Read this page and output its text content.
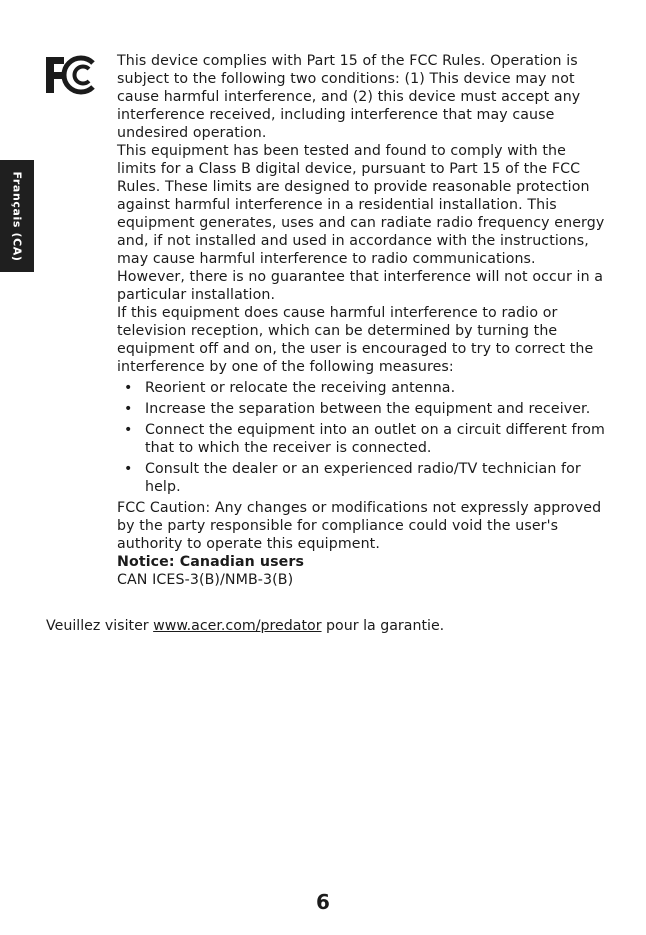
Français (CA)

This device complies with Part 15 of the FCC Rules. Operation is subject to the following two conditions: (1) This device may not cause harmful interference, and (2) this device must accept any interference received, including interference that may cause undesired operation.

This equipment has been tested and found to comply with the limits for a Class B digital device, pursuant to Part 15 of the FCC Rules. These limits are designed to provide reasonable protection against harmful interference in a residential installation. This equipment generates, uses and can radiate radio frequency energy and, if not installed and used in accordance with the instructions, may cause harmful interference to radio communications.

However, there is no guarantee that interference will not occur in a particular installation.

If this equipment does cause harmful interference to radio or television reception, which can be determined by turning the equipment off and on, the user is encouraged to try to correct the interference by one of the following measures:

• Reorient or relocate the receiving antenna.
• Increase the separation between the equipment and receiver.
• Connect the equipment into an outlet on a circuit different from that to which the receiver is connected.
• Consult the dealer or an experienced radio/TV technician for help.

FCC Caution: Any changes or modifications not expressly approved by the party responsible for compliance could void the user's authority to operate this equipment.

Notice: Canadian users

CAN ICES-3(B)/NMB-3(B)

Veuillez visiter www.acer.com/predator pour la garantie.
6
